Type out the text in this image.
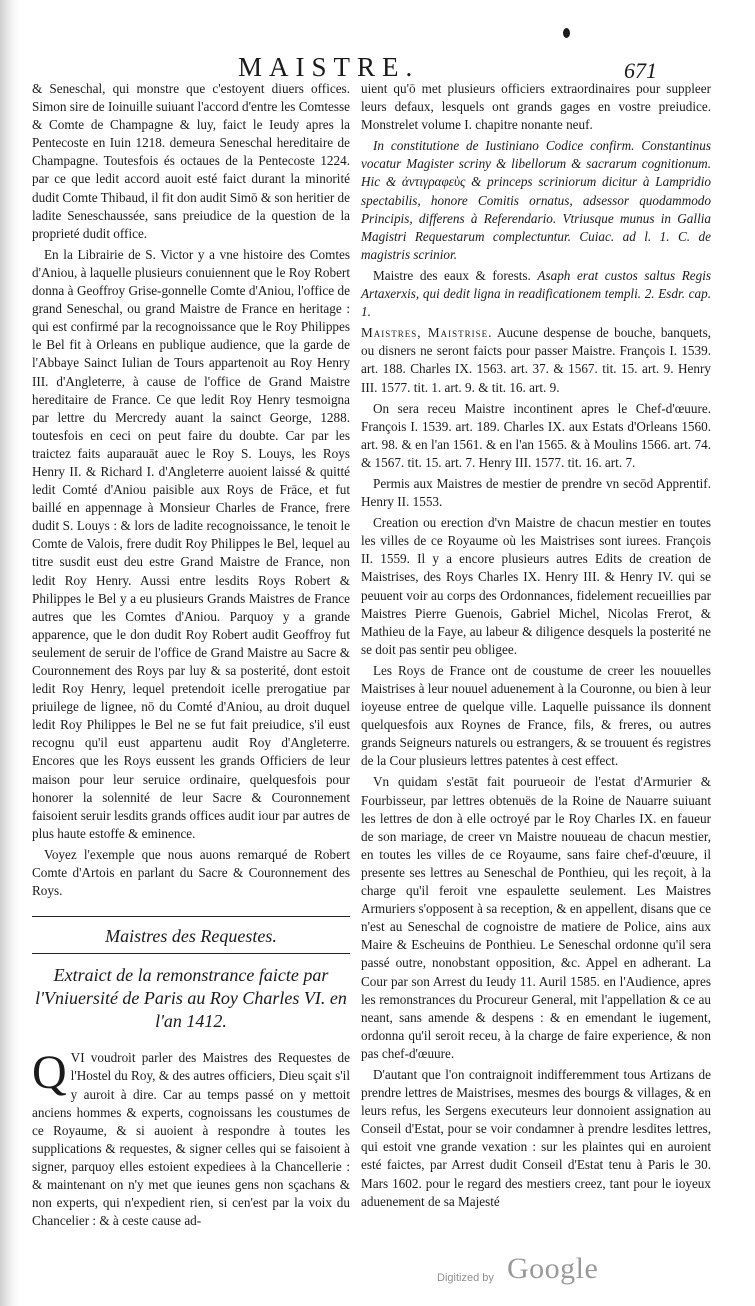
MAISTRE.	671

& Seneschal, qui monstre que c'estoyent diuers offices. Simon sire de Ioinuille suiuant l'accord d'entre les Comtesse & Comte de Champagne & luy, faict le Ieudy apres la Pentecoste en Iuin 1218. demeura Seneschal hereditaire de Champagne. Toutesfois és octaues de la Pentecoste 1224. par ce que ledit accord auoit esté faict durant la minorité dudit Comte Thibaud, il fit don audit Simō & son heritier de ladite Seneschaussée, sans preiudice de la question de la proprieté dudit office.

En la Librairie de S. Victor y a vne histoire des Comtes d'Aniou, à laquelle plusieurs conuiennent que le Roy Robert donna à Geoffroy Grise-gonnelle Comte d'Aniou, l'office de grand Seneschal, ou grand Maistre de France en heritage : qui est confirmé par la recognoissance que le Roy Philippes le Bel fit à Orleans en publique audience, que la garde de l'Abbaye Sainct Iulian de Tours appartenoit au Roy Henry III. d'Angleterre, à cause de l'office de Grand Maistre hereditaire de France. Ce que ledit Roy Henry tesmoigna par lettre du Mercredy auant la sainct George, 1288. toutesfois en ceci on peut faire du doubte. Car par les traictez faits auparauāt auec le Roy S. Louys, les Roys Henry II. & Richard I. d'Angleterre auoient laissé & quitté ledit Comté d'Aniou paisible aux Roys de Frāce, et fut baillé en appennage à Monsieur Charles de France, frere dudit S. Louys : & lors de ladite recognoissance, le tenoit le Comte de Valois, frere dudit Roy Philippes le Bel, lequel au titre susdit eust deu estre Grand Maistre de France, non ledit Roy Henry. Aussi entre lesdits Roys Robert & Philippes le Bel y a eu plusieurs Grands Maistres de France autres que les Comtes d'Aniou. Parquoy y a grande apparence, que le don dudit Roy Robert audit Geoffroy fut seulement de seruir de l'office de Grand Maistre au Sacre & Couronnement des Roys par luy & sa posterité, dont estoit ledit Roy Henry, lequel pretendoit icelle prerogatiue par priuilege de lignee, nō du Comté d'Aniou, au droit duquel ledit Roy Philippes le Bel ne se fut fait preiudice, s'il eust recognu qu'il eust appartenu audit Roy d'Angleterre. Encores que les Roys eussent les grands Officiers de leur maison pour leur seruice ordinaire, quelquesfois pour honorer la solennité de leur Sacre & Couronnement faisoient seruir lesdits grands offices audit iour par autres de plus haute estoffe & eminence.

Voyez l'exemple que nous auons remarqué de Robert Comte d'Artois en parlant du Sacre & Couronnement des Roys.

Maistres des Requestes.
Extraict de la remonstrance faicte par l'Vniuersité de Paris au Roy Charles VI. en l'an 1412.

QVI voudroit parler des Maistres des Requestes de l'Hostel du Roy, & des autres officiers, Dieu sçait s'il y auroit à dire. Car au temps passé on y mettoit anciens hommes & experts, cognoissans les coustumes de ce Royaume, & si auoient à respondre à toutes les supplications & requestes, & signer celles qui se faisoient à signer, parquoy elles estoient expediees à la Chancellerie : & maintenant on n'y met que ieunes gens non sçachans & non experts, qui n'expedient rien, si cen'est par la voix du Chancelier : & à ceste cause ad-

uient qu'ō met plusieurs officiers extraordinaires pour suppleer leurs defaux, lesquels ont grands gages en vostre preiudice. Monstrelet volume I. chapitre nonante neuf.

In constitutione de Iustiniano Codice confirm. Constantinus vocatur Magister scriny & libellorum & sacrarum cognitionum. Hic & ἀντιγραφεὺς & princeps scriniorum dicitur à Lampridio spectabilis, honore Comitis ornatus, adsessor quodammodo Principis, differens à Referendario. Vtriusque munus in Gallia Magistri Requestarum complectuntur. Cuiac. ad l. 1. C. de magistris scrinior.

Maistre des eaux & forests. Asaph erat custos saltus Regis Artaxerxis, qui dedit ligna in readificationem templi. 2. Esdr. cap. 1.

Maistres, Maistrise. Aucune despense de bouche, banquets, ou disners ne seront faicts pour passer Maistre. François I. 1539. art. 188. Charles IX. 1563. art. 37. & 1567. tit. 15. art. 9. Henry III. 1577. tit. 1. art. 9. & tit. 16. art. 9.

On sera receu Maistre incontinent apres le Chef-d'œuure. François I. 1539. art. 189. Charles IX. aux Estats d'Orleans 1560. art. 98. & en l'an 1561. & en l'an 1565. & à Moulins 1566. art. 74. & 1567. tit. 15. art. 7. Henry III. 1577. tit. 16. art. 7.

Permis aux Maistres de mestier de prendre vn secōd Apprentif. Henry II. 1553.

Creation ou erection d'vn Maistre de chacun mestier en toutes les villes de ce Royaume où les Maistrises sont iurees. François II. 1559. Il y a encore plusieurs autres Edits de creation de Maistrises, des Roys Charles IX. Henry III. & Henry IV. qui se peuuent voir au corps des Ordonnances, fidelement recueillies par Maistres Pierre Guenois, Gabriel Michel, Nicolas Frerot, & Mathieu de la Faye, au labeur & diligence desquels la posterité ne se doit pas sentir peu obligee.

Les Roys de France ont de coustume de creer les nouuelles Maistrises à leur nouuel aduenement à la Couronne, ou bien à leur ioyeuse entree de quelque ville. Laquelle puissance ils donnent quelquesfois aux Roynes de France, fils, & freres, ou autres grands Seigneurs naturels ou estrangers, & se trouuent és registres de la Cour plusieurs lettres patentes à cest effect.

Vn quidam s'estāt fait pourueoir de l'estat d'Armurier & Fourbisseur, par lettres obtenuës de la Roine de Nauarre suiuant les lettres de don à elle octroyé par le Roy Charles IX. en faueur de son mariage, de creer vn Maistre nouueau de chacun mestier, en toutes les villes de ce Royaume, sans faire chef-d'œuure, il presente ses lettres au Seneschal de Ponthieu, qui les reçoit, à la charge qu'il feroit vne espaulette seulement. Les Maistres Armuriers s'opposent à sa reception, & en appellent, disans que ce n'est au Seneschal de cognoistre de matiere de Police, ains aux Maire & Escheuins de Ponthieu. Le Seneschal ordonne qu'il sera passé outre, nonobstant opposition, &c. Appel en adherant. La Cour par son Arrest du Ieudy 11. Auril 1585. en l'Audience, apres les remonstrances du Procureur General, mit l'appellation & ce au neant, sans amende & despens : & en emendant le iugement, ordonna qu'il seroit receu, à la charge de faire experience, & non pas chef-d'œuure.

D'autant que l'on contraignoit indifferemment tous Artizans de prendre lettres de Maistrises, mesmes des bourgs & villages, & en leurs refus, les Sergens executeurs leur donnoient assignation au Conseil d'Estat, pour se voir condamner à prendre lesdites lettres, qui estoit vne grande vexation : sur les plaintes qui en auroient esté faictes, par Arrest dudit Conseil d'Estat tenu à Paris le 30. Mars 1602. pour le regard des mestiers creez, tant pour le ioyeux aduenement de sa Majesté

Digitized by Google
